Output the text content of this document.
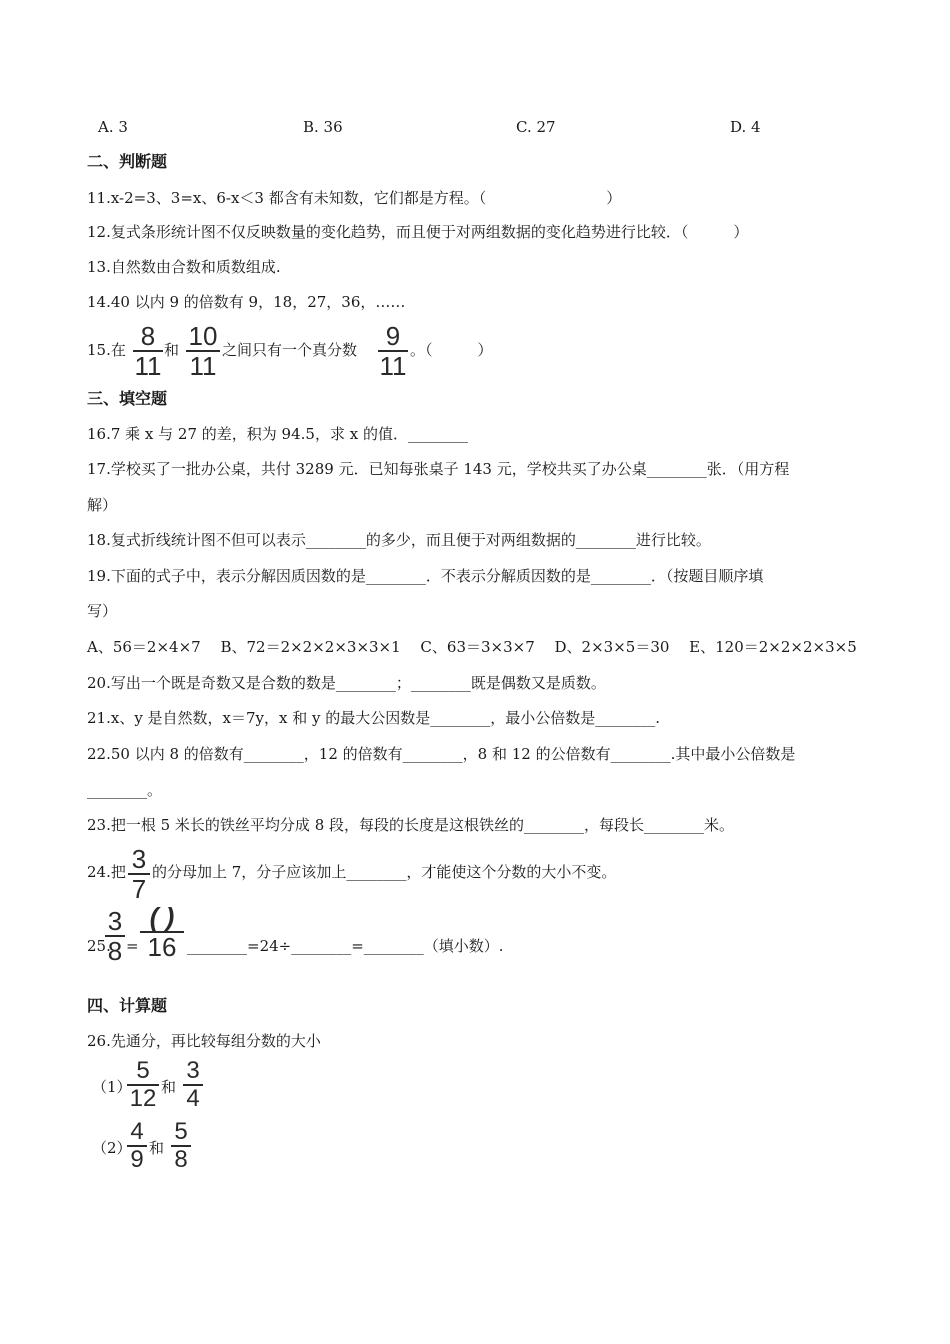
A. 3	B. 36	C. 27	D. 4
二、判断题
11.x-2=3、3=x、6-x＜3 都含有未知数，它们都是方程。（　　　　　　　　）
12.复式条形统计图不仅反映数量的变化趋势，而且便于对两组数据的变化趋势进行比较．（　　　）
13.自然数由合数和质数组成.
14.40 以内 9 的倍数有 9，18，27，36，……
15.在 8
11
和 10
11
之间只有一个真分数 9
11
。（　　　）
三、填空题
16.7 乘 x 与 27 的差，积为 94.5，求 x 的值．________
17.学校买了一批办公桌，共付 3289 元．已知每张桌子 143 元，学校共买了办公桌________张．（用方程
解）
18.复式折线统计图不但可以表示________的多少，而且便于对两组数据的________进行比较。
19.下面的式子中，表示分解因质因数的是________．不表示分解质因数的是________．（按题目顺序填
写）
A、56＝2×4×7　 B、72＝2×2×2×3×3×1　 C、63＝3×3×7　 D、2×3×5＝30　 E、120＝2×2×2×3×5
20.写出一个既是奇数又是合数的数是________；________既是偶数又是质数。
21.x、y 是自然数，x＝7y，x 和 y 的最大公因数是________，最小公倍数是________.
22.50 以内 8 的倍数有________，12 的倍数有________，8 和 12 的公倍数有________.其中最小公倍数是
________。
23.把一根 5 米长的铁丝平均分成 8 段，每段的长度是这根铁丝的________，每段长________米。
24.把 3
7
的分母加上 7，分子应该加上________，才能使这个分数的大小不变。
25.
3
8 =
( )
16 ________=24÷________=________（填小数）.
四、计算题
26.先通分，再比较每组分数的大小
（1）
5
12 和
3
4
（2）
4
9 和
5
8
